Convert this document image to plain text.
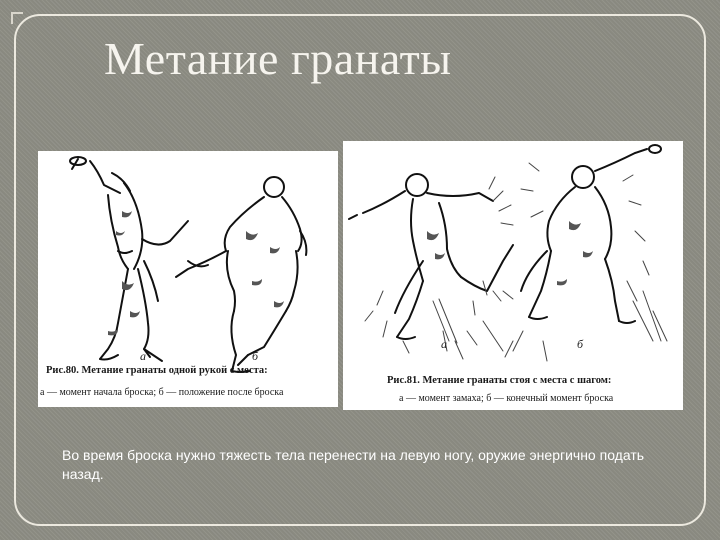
Метание гранаты
а	б
Рис.80. Метание гранаты одной рукой с места:
а — момент начала броска; б — положение после броска
а	б
Рис.81. Метание гранаты стоя с места с шагом:
а — момент замаха; б — конечный момент броска
Во время броска нужно тяжесть тела перенести на левую ногу, оружие энергично подать назад.
